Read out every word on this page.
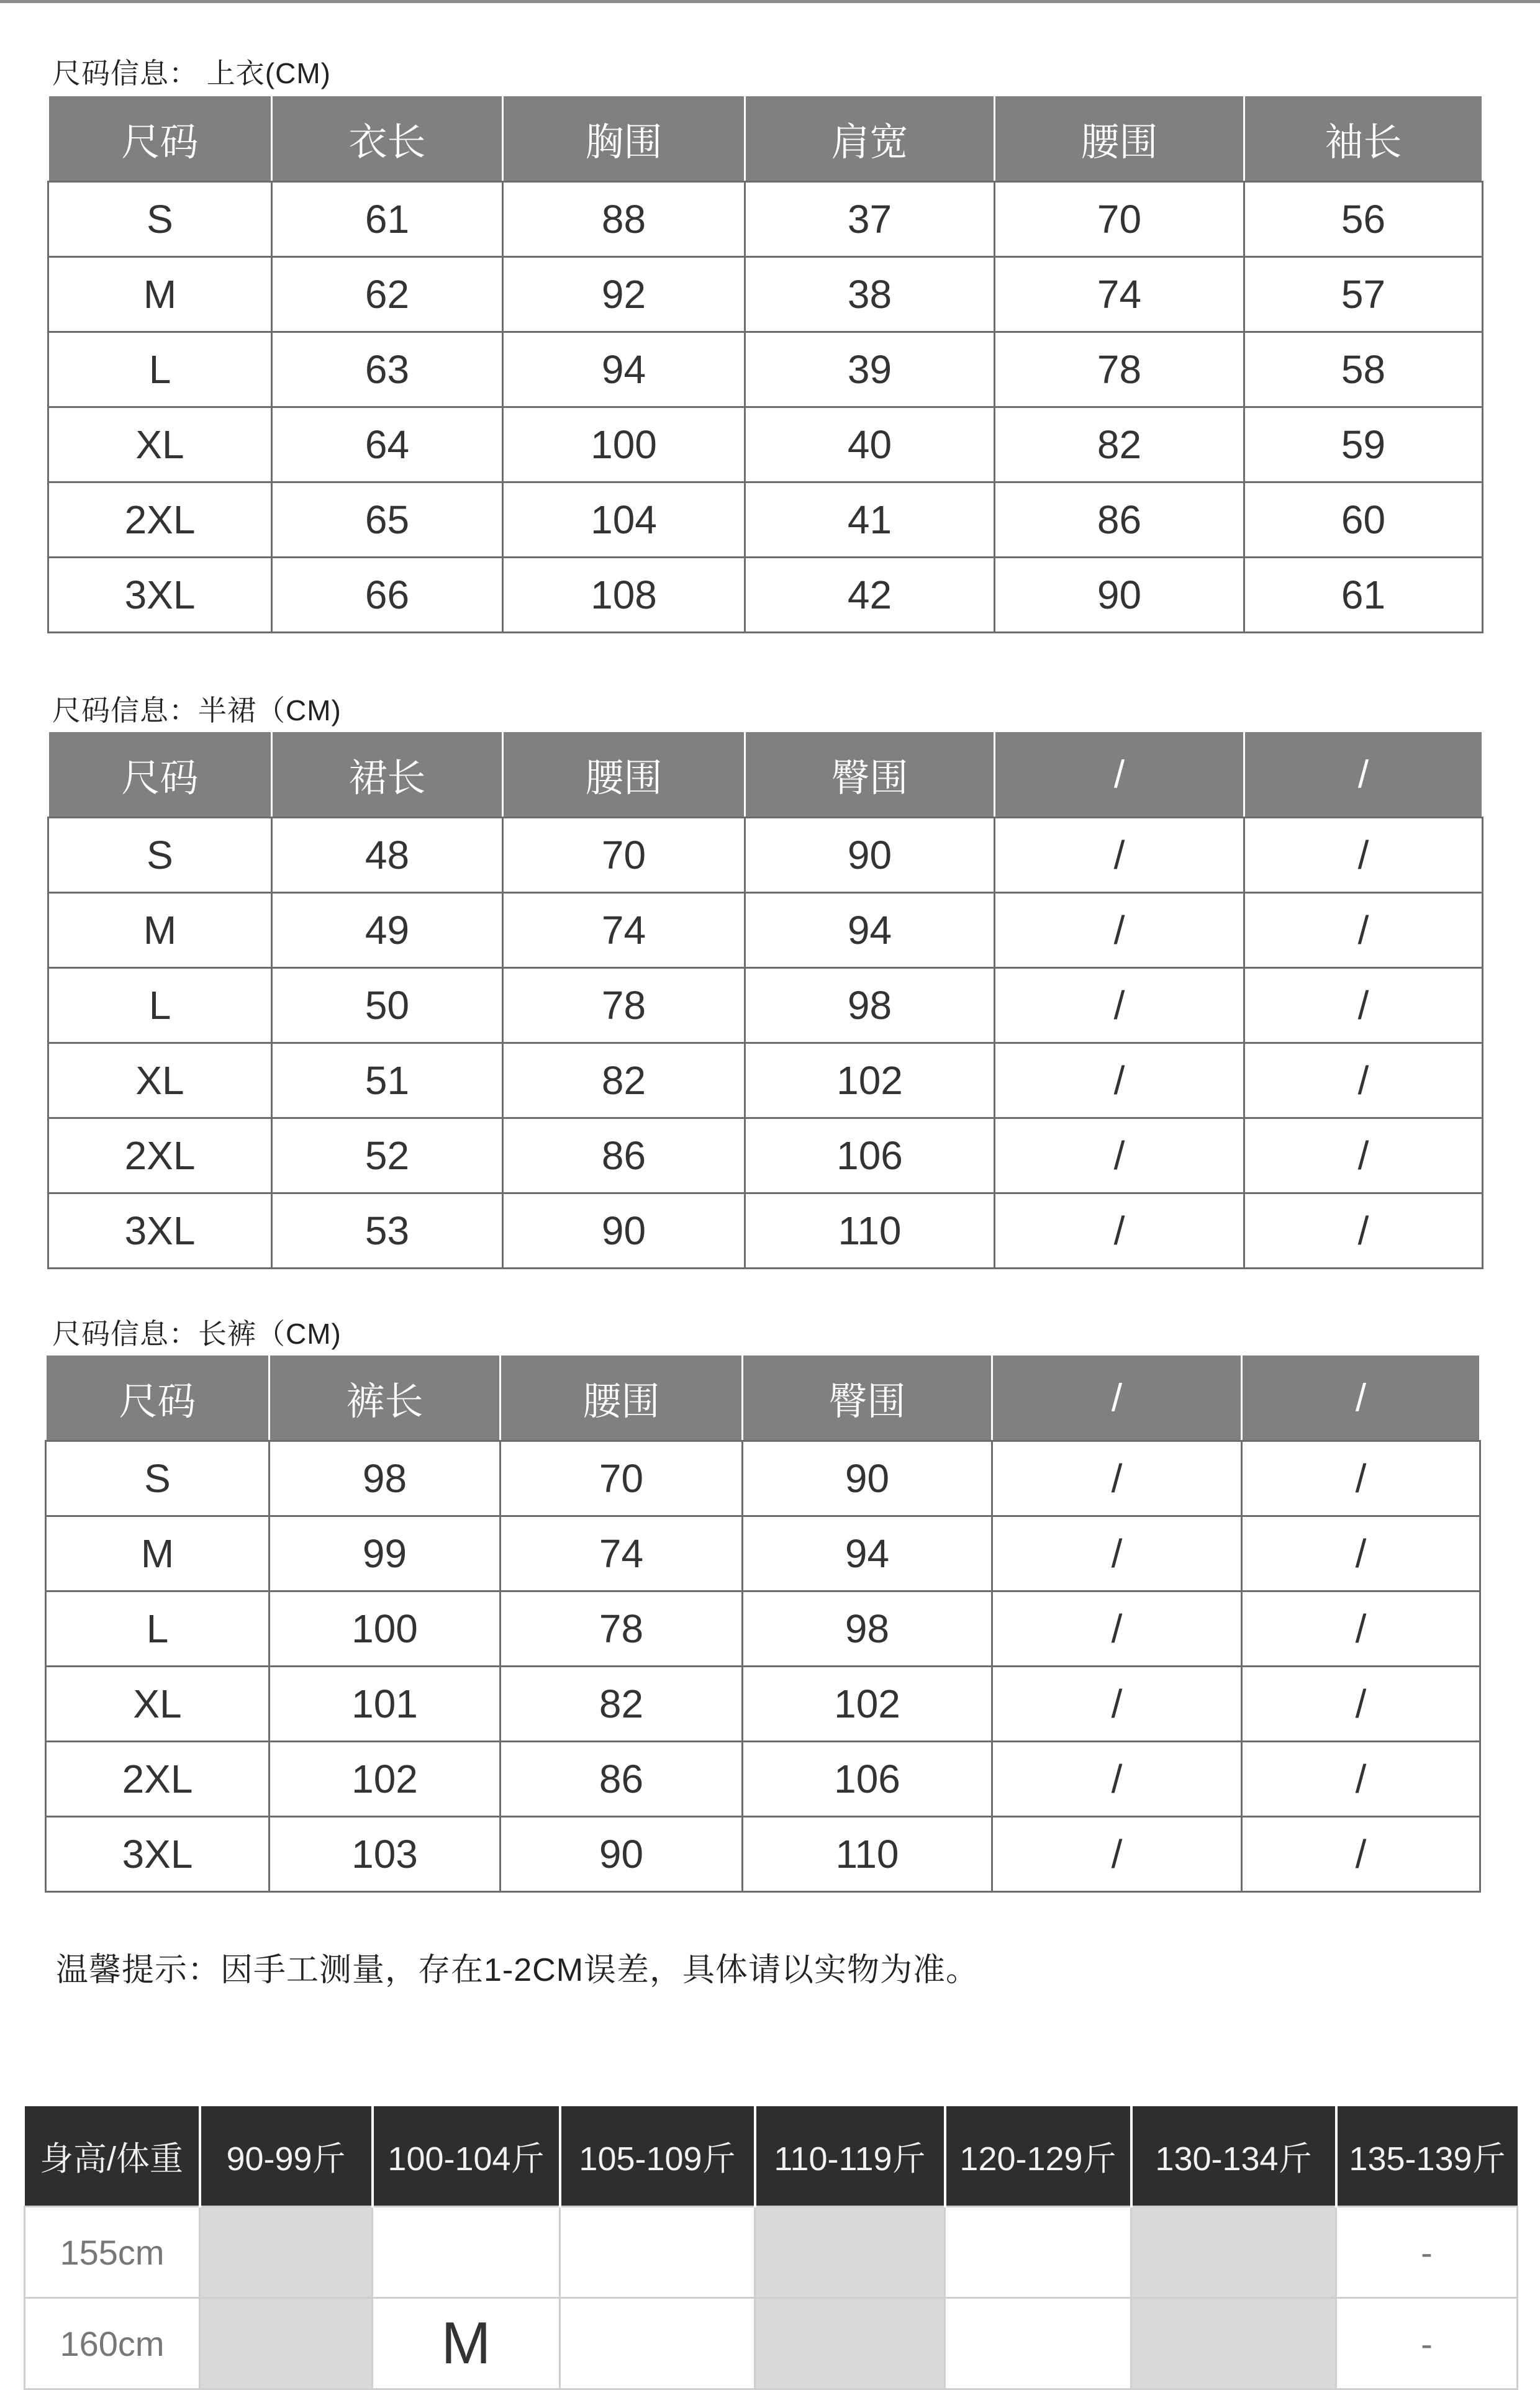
尺码信息： 上衣(CM)
尺码	衣长	胸围	肩宽	腰围	袖长
S	61	88	37	70	56
M	62	92	38	74	57
L	63	94	39	78	58
XL	64	100	40	82	59
2XL	65	104	41	86	60
3XL	66	108	42	90	61
尺码信息：半裙（CM)
尺码	裙长	腰围	臀围	/	/
S	48	70	90	/	/
M	49	74	94	/	/
L	50	78	98	/	/
XL	51	82	102	/	/
2XL	52	86	106	/	/
3XL	53	90	110	/	/
尺码信息：长裤（CM)
尺码	裤长	腰围	臀围	/	/
S	98	70	90	/	/
M	99	74	94	/	/
L	100	78	98	/	/
XL	101	82	102	/	/
2XL	102	86	106	/	/
3XL	103	90	110	/	/
温馨提示：因手工测量，存在1-2CM误差，具体请以实物为准。
身高/体重	90-99斤	100-104斤	105-109斤	110-119斤	120-129斤	130-134斤	135-139斤
155cm							-
160cm		M					-
